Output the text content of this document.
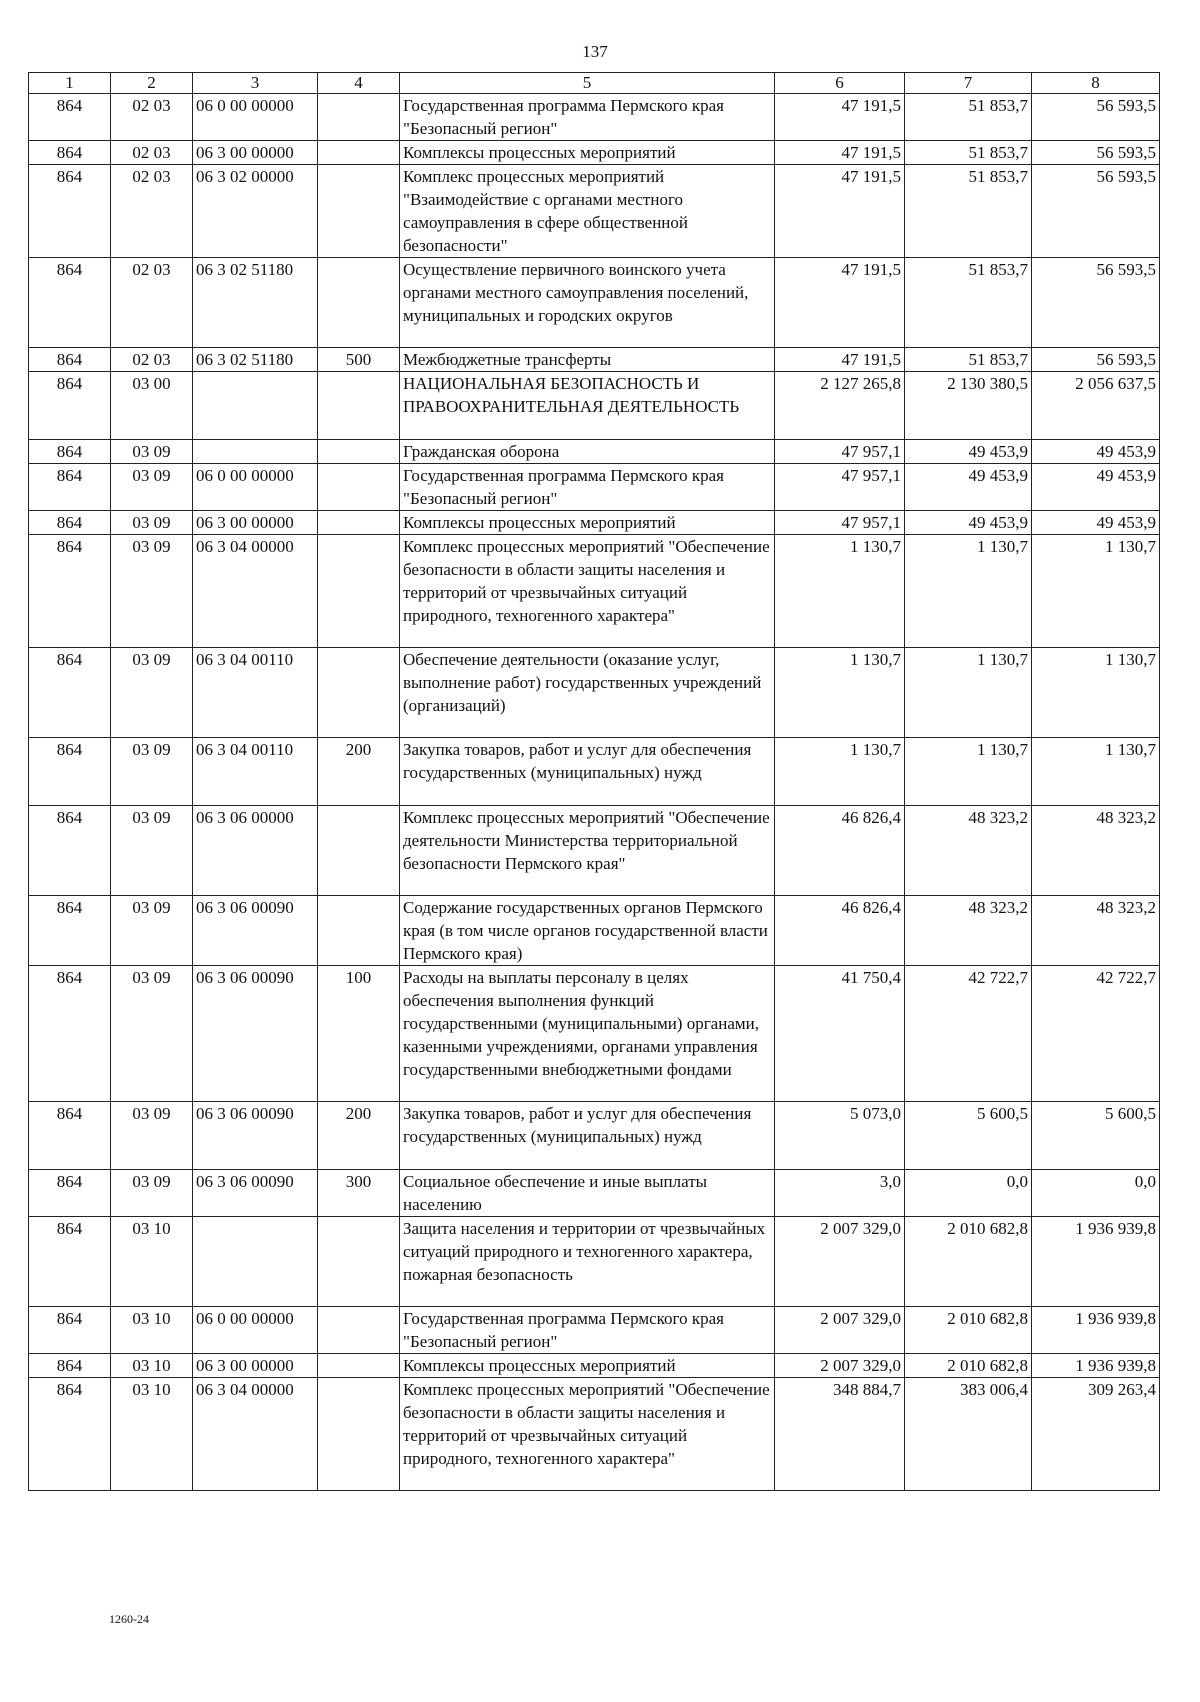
137
1	2	3	4	5	6	7	8
864	02 03	06 0 00 00000		Государственная программа Пермского края "Безопасный регион"	47 191,5	51 853,7	56 593,5
864	02 03	06 3 00 00000		Комплексы процессных мероприятий	47 191,5	51 853,7	56 593,5
864	02 03	06 3 02 00000		Комплекс процессных мероприятий "Взаимодействие с органами местного самоуправления в сфере общественной безопасности"	47 191,5	51 853,7	56 593,5
864	02 03	06 3 02 51180		Осуществление первичного воинского учета органами местного самоуправления поселений, муниципальных и городских округов	47 191,5	51 853,7	56 593,5
864	02 03	06 3 02 51180	500	Межбюджетные трансферты	47 191,5	51 853,7	56 593,5
864	03 00			НАЦИОНАЛЬНАЯ БЕЗОПАСНОСТЬ И ПРАВООХРАНИТЕЛЬНАЯ ДЕЯТЕЛЬНОСТЬ	2 127 265,8	2 130 380,5	2 056 637,5
864	03 09			Гражданская оборона	47 957,1	49 453,9	49 453,9
864	03 09	06 0 00 00000		Государственная программа Пермского края "Безопасный регион"	47 957,1	49 453,9	49 453,9
864	03 09	06 3 00 00000		Комплексы процессных мероприятий	47 957,1	49 453,9	49 453,9
864	03 09	06 3 04 00000		Комплекс процессных мероприятий "Обеспечение безопасности в области защиты населения и территорий от чрезвычайных ситуаций природного, техногенного характера"	1 130,7	1 130,7	1 130,7
864	03 09	06 3 04 00110		Обеспечение деятельности (оказание услуг, выполнение работ) государственных учреждений (организаций)	1 130,7	1 130,7	1 130,7
864	03 09	06 3 04 00110	200	Закупка товаров, работ и услуг для обеспечения государственных (муниципальных) нужд	1 130,7	1 130,7	1 130,7
864	03 09	06 3 06 00000		Комплекс процессных мероприятий "Обеспечение деятельности Министерства территориальной безопасности Пермского края"	46 826,4	48 323,2	48 323,2
864	03 09	06 3 06 00090		Содержание государственных органов Пермского края (в том числе органов государственной власти Пермского края)	46 826,4	48 323,2	48 323,2
864	03 09	06 3 06 00090	100	Расходы на выплаты персоналу в целях обеспечения выполнения функций государственными (муниципальными) органами, казенными учреждениями, органами управления государственными внебюджетными фондами	41 750,4	42 722,7	42 722,7
864	03 09	06 3 06 00090	200	Закупка товаров, работ и услуг для обеспечения государственных (муниципальных) нужд	5 073,0	5 600,5	5 600,5
864	03 09	06 3 06 00090	300	Социальное обеспечение и иные выплаты населению	3,0	0,0	0,0
864	03 10			Защита населения и территории от чрезвычайных ситуаций природного и техногенного характера, пожарная безопасность	2 007 329,0	2 010 682,8	1 936 939,8
864	03 10	06 0 00 00000		Государственная программа Пермского края "Безопасный регион"	2 007 329,0	2 010 682,8	1 936 939,8
864	03 10	06 3 00 00000		Комплексы процессных мероприятий	2 007 329,0	2 010 682,8	1 936 939,8
864	03 10	06 3 04 00000		Комплекс процессных мероприятий "Обеспечение безопасности в области защиты населения и территорий от чрезвычайных ситуаций природного, техногенного характера"	348 884,7	383 006,4	309 263,4
1260-24
